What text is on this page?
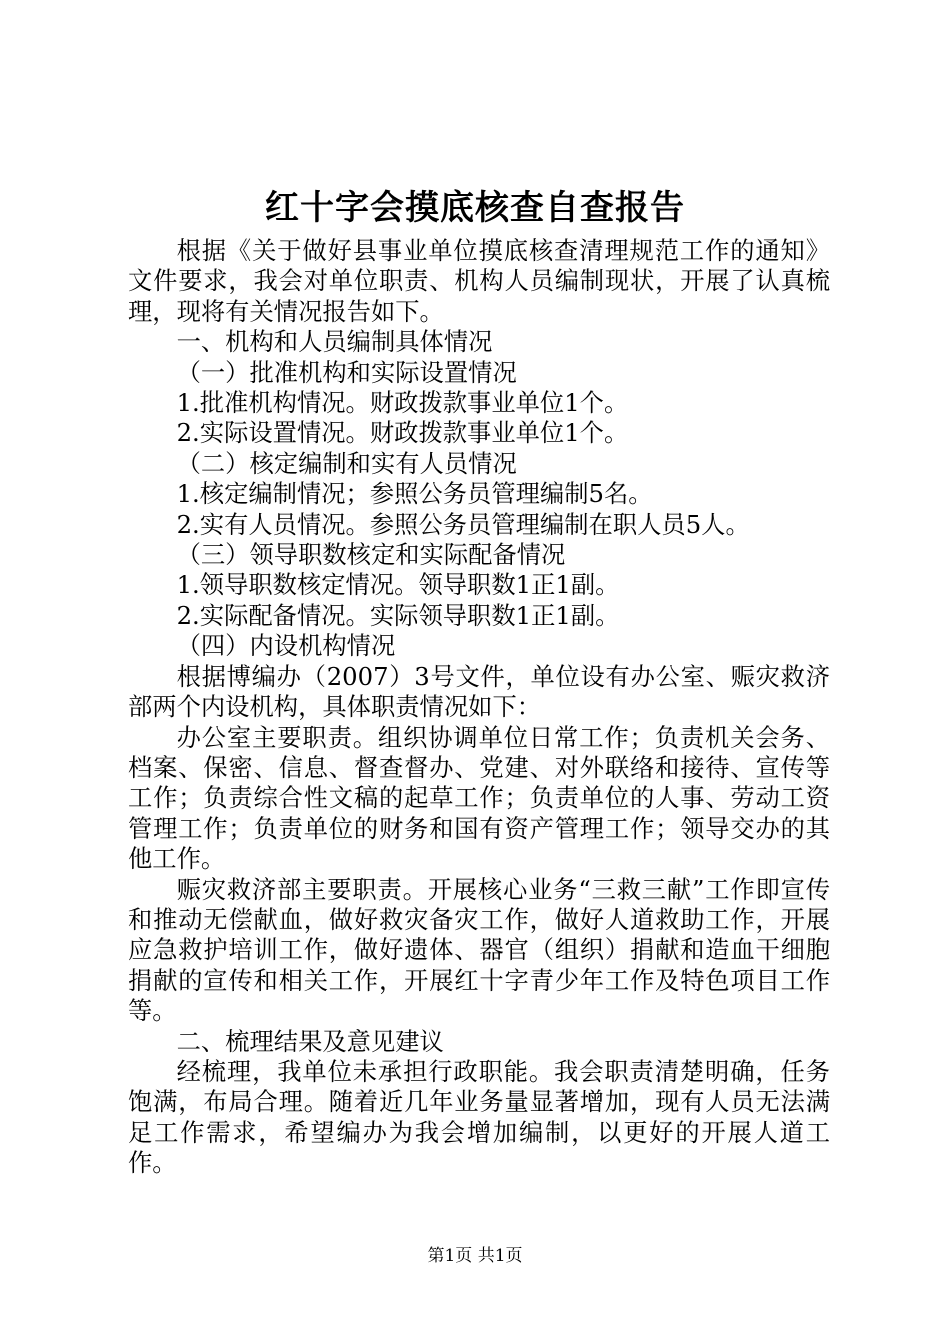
红十字会摸底核查自查报告

根据《关于做好县事业单位摸底核查清理规范工作的通知》文件要求，我会对单位职责、机构人员编制现状，开展了认真梳理，现将有关情况报告如下。

一、机构和人员编制具体情况

（一）批准机构和实际设置情况

1.批准机构情况。财政拨款事业单位1个。

2.实际设置情况。财政拨款事业单位1个。

（二）核定编制和实有人员情况

1.核定编制情况；参照公务员管理编制5名。

2.实有人员情况。参照公务员管理编制在职人员5人。

（三）领导职数核定和实际配备情况

1.领导职数核定情况。领导职数1正1副。

2.实际配备情况。实际领导职数1正1副。

（四）内设机构情况

根据博编办（2007）3号文件，单位设有办公室、赈灾救济部两个内设机构，具体职责情况如下：

办公室主要职责。组织协调单位日常工作；负责机关会务、档案、保密、信息、督查督办、党建、对外联络和接待、宣传等工作；负责综合性文稿的起草工作；负责单位的人事、劳动工资管理工作；负责单位的财务和国有资产管理工作；领导交办的其他工作。

赈灾救济部主要职责。开展核心业务“三救三献”工作即宣传和推动无偿献血，做好救灾备灾工作，做好人道救助工作，开展应急救护培训工作，做好遗体、器官（组织）捐献和造血干细胞捐献的宣传和相关工作，开展红十字青少年工作及特色项目工作等。

二、梳理结果及意见建议

经梳理，我单位未承担行政职能。我会职责清楚明确，任务饱满，布局合理。随着近几年业务量显著增加，现有人员无法满足工作需求，希望编办为我会增加编制，以更好的开展人道工作。

第1页 共1页
